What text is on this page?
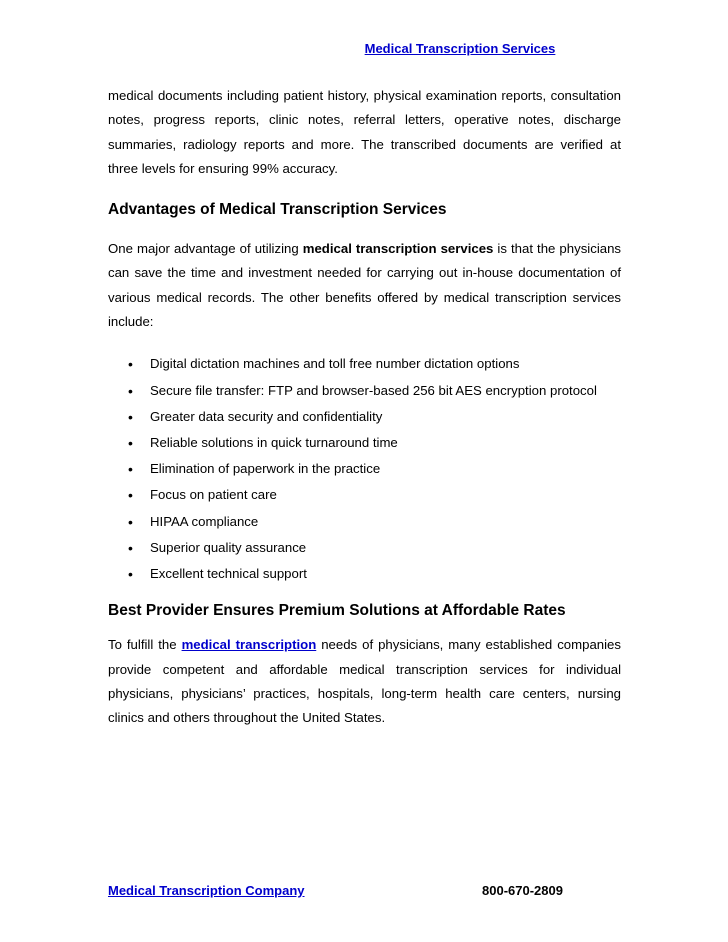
Medical Transcription Services

medical documents including patient history, physical examination reports, consultation notes, progress reports, clinic notes, referral letters, operative notes, discharge summaries, radiology reports and more. The transcribed documents are verified at three levels for ensuring 99% accuracy.

Advantages of Medical Transcription Services

One major advantage of utilizing medical transcription services is that the physicians can save the time and investment needed for carrying out in-house documentation of various medical records. The other benefits offered by medical transcription services include:

• Digital dictation machines and toll free number dictation options
• Secure file transfer: FTP and browser-based 256 bit AES encryption protocol
• Greater data security and confidentiality
• Reliable solutions in quick turnaround time
• Elimination of paperwork in the practice
• Focus on patient care
• HIPAA compliance
• Superior quality assurance
• Excellent technical support
Best Provider Ensures Premium Solutions at Affordable Rates

To fulfill the medical transcription needs of physicians, many established companies provide competent and affordable medical transcription services for individual physicians, physicians’ practices, hospitals, long-term health care centers, nursing clinics and others throughout the United States.

Medical Transcription Company	800-670-2809
